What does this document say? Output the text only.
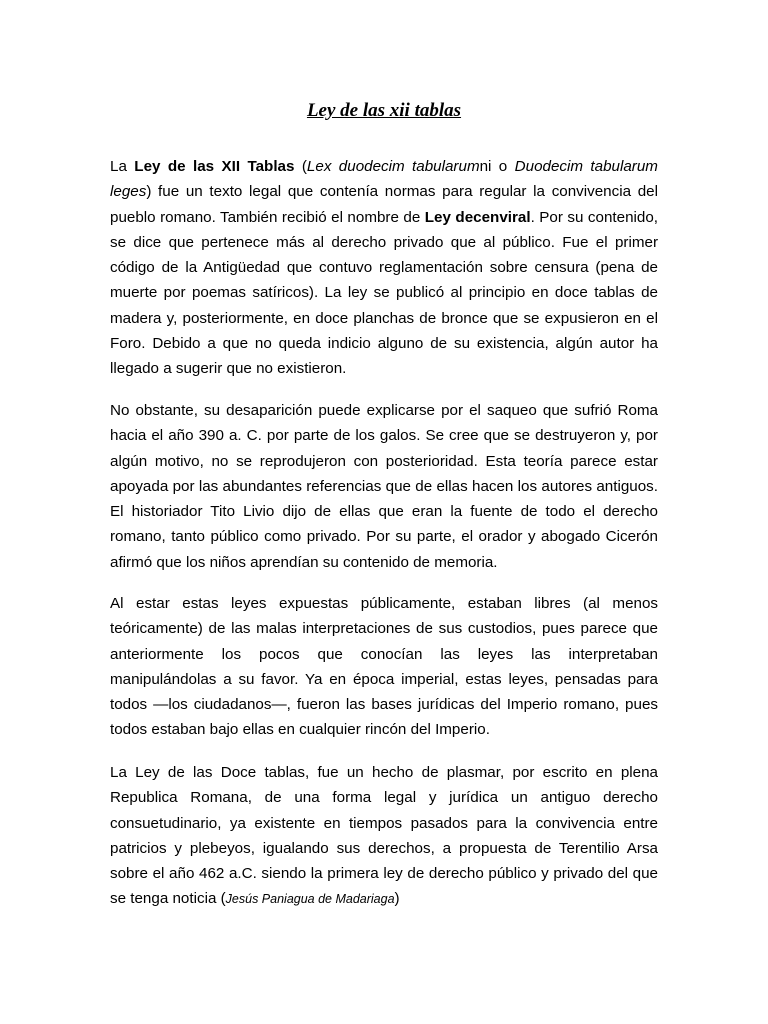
Ley de las xii tablas

La Ley de las XII Tablas (Lex duodecim tabularumni o Duodecim tabularum leges) fue un texto legal que contenía normas para regular la convivencia del pueblo romano. También recibió el nombre de Ley decenviral. Por su contenido, se dice que pertenece más al derecho privado que al público. Fue el primer código de la Antigüedad que contuvo reglamentación sobre censura (pena de muerte por poemas satíricos). La ley se publicó al principio en doce tablas de madera y, posteriormente, en doce planchas de bronce que se expusieron en el Foro. Debido a que no queda indicio alguno de su existencia, algún autor ha llegado a sugerir que no existieron.

No obstante, su desaparición puede explicarse por el saqueo que sufrió Roma hacia el año 390 a. C. por parte de los galos. Se cree que se destruyeron y, por algún motivo, no se reprodujeron con posterioridad. Esta teoría parece estar apoyada por las abundantes referencias que de ellas hacen los autores antiguos. El historiador Tito Livio dijo de ellas que eran la fuente de todo el derecho romano, tanto público como privado. Por su parte, el orador y abogado Cicerón afirmó que los niños aprendían su contenido de memoria.

Al estar estas leyes expuestas públicamente, estaban libres (al menos teóricamente) de las malas interpretaciones de sus custodios, pues parece que anteriormente los pocos que conocían las leyes las interpretaban manipulándolas a su favor. Ya en época imperial, estas leyes, pensadas para todos —los ciudadanos—, fueron las bases jurídicas del Imperio romano, pues todos estaban bajo ellas en cualquier rincón del Imperio.

La Ley de las Doce tablas, fue un hecho de plasmar, por escrito en plena Republica Romana, de una forma legal y jurídica un antiguo derecho consuetudinario, ya existente en tiempos pasados para la convivencia entre patricios y plebeyos, igualando sus derechos, a propuesta de Terentilio Arsa sobre el año 462 a.C. siendo la primera ley de derecho público y privado del que se tenga noticia (Jesús Paniagua de Madariaga)
